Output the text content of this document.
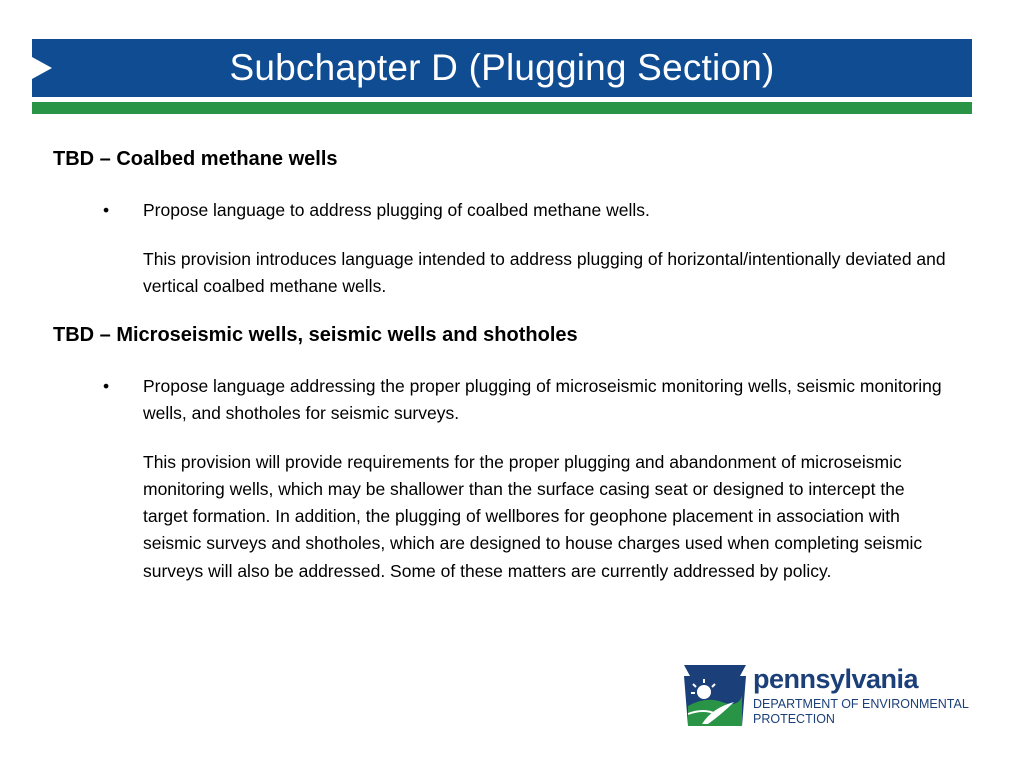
Subchapter D (Plugging Section)

TBD – Coalbed methane wells

• Propose language to address plugging of coalbed methane wells.
This provision introduces language intended to address plugging of horizontal/intentionally deviated and vertical coalbed methane wells.

TBD – Microseismic wells, seismic wells and shotholes

• Propose language addressing the proper plugging of microseismic monitoring wells, seismic monitoring wells, and shotholes for seismic surveys.
This provision will provide requirements for the proper plugging and abandonment of microseismic monitoring wells, which may be shallower than the surface casing seat or designed to intercept the target formation. In addition, the plugging of wellbores for geophone placement in association with seismic surveys and shotholes, which are designed to house charges used when completing seismic surveys will also be addressed. Some of these matters are currently addressed by policy.
pennsylvania
DEPARTMENT OF ENVIRONMENTAL
PROTECTION
